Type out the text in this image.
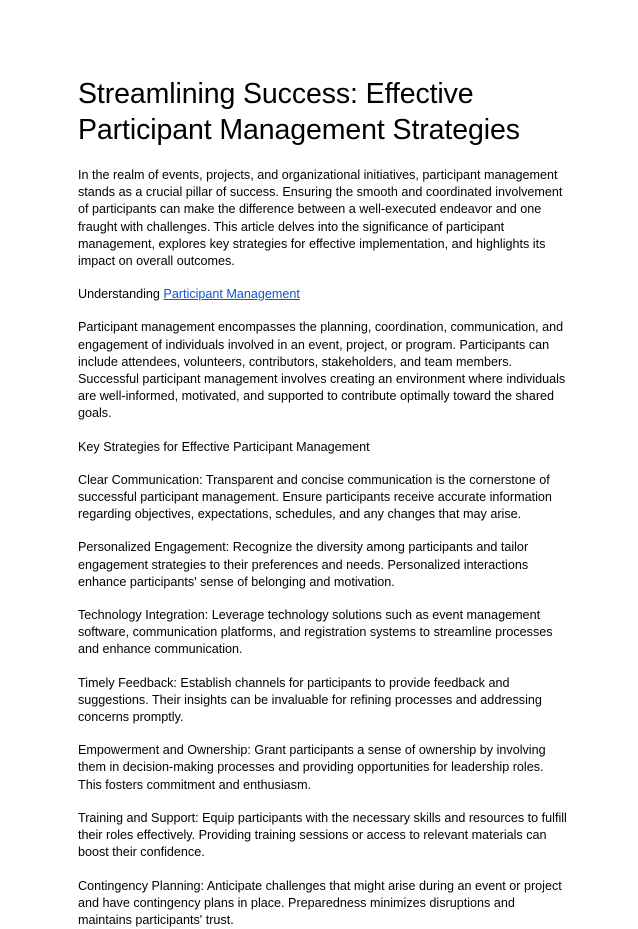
Streamlining Success: Effective Participant Management Strategies

In the realm of events, projects, and organizational initiatives, participant management stands as a crucial pillar of success. Ensuring the smooth and coordinated involvement of participants can make the difference between a well-executed endeavor and one fraught with challenges. This article delves into the significance of participant management, explores key strategies for effective implementation, and highlights its impact on overall outcomes.

Understanding Participant Management

Participant management encompasses the planning, coordination, communication, and engagement of individuals involved in an event, project, or program. Participants can include attendees, volunteers, contributors, stakeholders, and team members. Successful participant management involves creating an environment where individuals are well-informed, motivated, and supported to contribute optimally toward the shared goals.

Key Strategies for Effective Participant Management

Clear Communication: Transparent and concise communication is the cornerstone of successful participant management. Ensure participants receive accurate information regarding objectives, expectations, schedules, and any changes that may arise.

Personalized Engagement: Recognize the diversity among participants and tailor engagement strategies to their preferences and needs. Personalized interactions enhance participants' sense of belonging and motivation.

Technology Integration: Leverage technology solutions such as event management software, communication platforms, and registration systems to streamline processes and enhance communication.

Timely Feedback: Establish channels for participants to provide feedback and suggestions. Their insights can be invaluable for refining processes and addressing concerns promptly.

Empowerment and Ownership: Grant participants a sense of ownership by involving them in decision-making processes and providing opportunities for leadership roles. This fosters commitment and enthusiasm.

Training and Support: Equip participants with the necessary skills and resources to fulfill their roles effectively. Providing training sessions or access to relevant materials can boost their confidence.

Contingency Planning: Anticipate challenges that might arise during an event or project and have contingency plans in place. Preparedness minimizes disruptions and maintains participants' trust.
